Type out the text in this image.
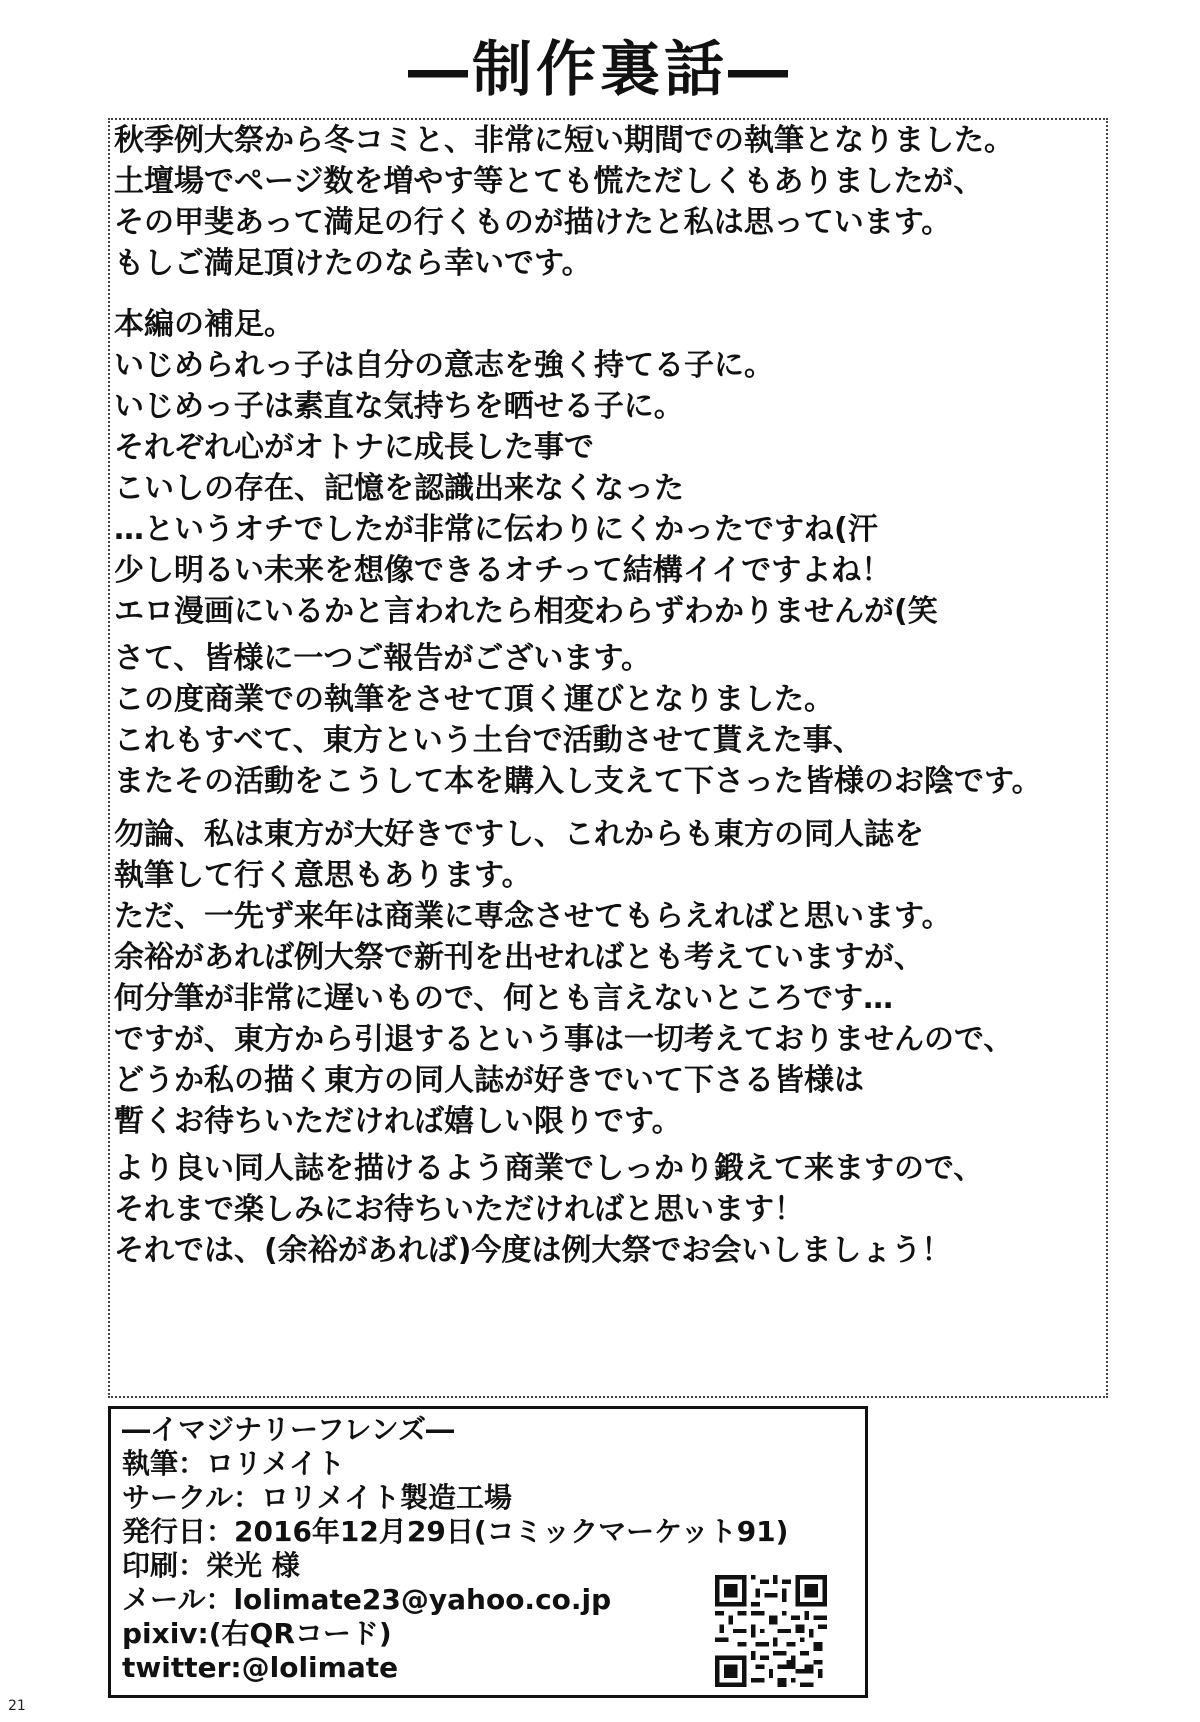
―制作裏話―
秋季例大祭から冬コミと、非常に短い期間での執筆となりました。
土壇場でページ数を増やす等とても慌ただしくもありましたが、
その甲斐あって満足の行くものが描けたと私は思っています。
もしご満足頂けたのなら幸いです。
本編の補足。
いじめられっ子は自分の意志を強く持てる子に。
いじめっ子は素直な気持ちを晒せる子に。
それぞれ心がオトナに成長した事で
こいしの存在、記憶を認識出来なくなった
…というオチでしたが非常に伝わりにくかったですね(汗
少し明るい未来を想像できるオチって結構イイですよね！
エロ漫画にいるかと言われたら相変わらずわかりませんが(笑
さて、皆様に一つご報告がございます。
この度商業での執筆をさせて頂く運びとなりました。
これもすべて、東方という土台で活動させて貰えた事、
またその活動をこうして本を購入し支えて下さった皆様のお陰です。
勿論、私は東方が大好きですし、これからも東方の同人誌を
執筆して行く意思もあります。
ただ、一先ず来年は商業に専念させてもらえればと思います。
余裕があれば例大祭で新刊を出せればとも考えていますが、
何分筆が非常に遅いもので、何とも言えないところです…
ですが、東方から引退するという事は一切考えておりませんので、
どうか私の描く東方の同人誌が好きでいて下さる皆様は
暫くお待ちいただければ嬉しい限りです。
より良い同人誌を描けるよう商業でしっかり鍛えて来ますので、
それまで楽しみにお待ちいただければと思います！
それでは、(余裕があれば)今度は例大祭でお会いしましょう！
―イマジナリーフレンズ―
執筆：ロリメイト
サークル：ロリメイト製造工場
発行日：2016年12月29日(コミックマーケット91)
印刷：栄光 様
メール：lolimate23@yahoo.co.jp
pixiv:(右QRコード)
twitter:@lolimate
21
